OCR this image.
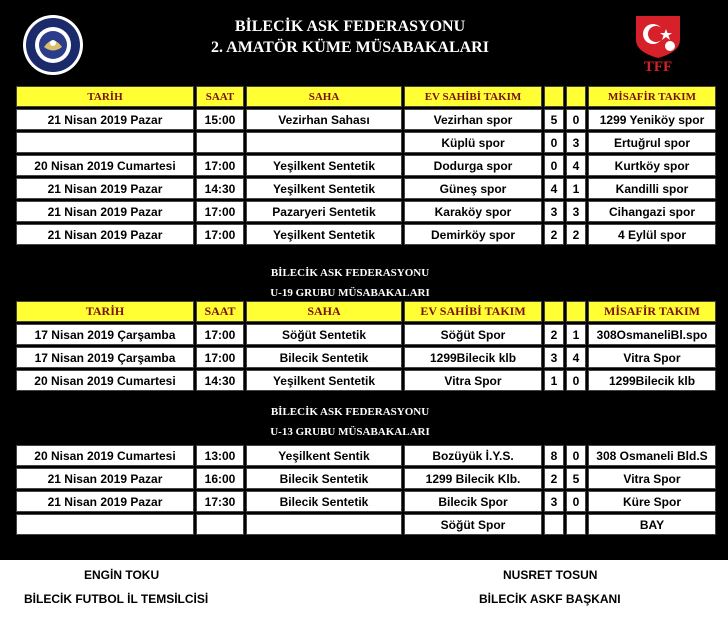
BİLECİK ASK FEDERASYONU
2. AMATÖR KÜME MÜSABAKALARI
TFF
TARİH	SAAT	SAHA	EV SAHİBİ TAKIM			MİSAFİR TAKIM
21 Nisan 2019 Pazar	15:00	Vezirhan Sahası	Vezirhan spor	5	0	1299 Yeniköy spor
			Küplü spor	0	3	Ertuğrul spor
20 Nisan 2019 Cumartesi	17:00	Yeşilkent Sentetik	Dodurga spor	0	4	Kurtköy spor
21 Nisan 2019 Pazar	14:30	Yeşilkent Sentetik	Güneş spor	4	1	Kandilli spor
21 Nisan 2019 Pazar	17:00	Pazaryeri Sentetik	Karaköy spor	3	3	Cihangazi spor
21 Nisan 2019 Pazar	17:00	Yeşilkent Sentetik	Demirköy spor	2	2	4 Eylül spor
BİLECİK ASK FEDERASYONU
U-19 GRUBU MÜSABAKALARI
TARİH	SAAT	SAHA	EV SAHİBİ TAKIM			MİSAFİR TAKIM
17 Nisan 2019 Çarşamba	17:00	Söğüt Sentetik	Söğüt Spor	2	1	308OsmaneliBl.spo
17 Nisan 2019 Çarşamba	17:00	Bilecik Sentetik	1299Bilecik klb	3	4	Vitra Spor
20 Nisan 2019 Cumartesi	14:30	Yeşilkent Sentetik	Vitra Spor	1	0	1299Bilecik klb
BİLECİK ASK FEDERASYONU
U-13 GRUBU MÜSABAKALARI
20 Nisan 2019 Cumartesi	13:00	Yeşilkent Sentik	Bozüyük İ.Y.S.	8	0	308 Osmaneli Bld.S
21 Nisan 2019 Pazar	16:00	Bilecik Sentetik	1299 Bilecik Klb.	2	5	Vitra Spor
21 Nisan 2019 Pazar	17:30	Bilecik Sentetik	Bilecik Spor	3	0	Küre Spor
			Söğüt Spor			BAY
ENGİN TOKU
BİLECİK FUTBOL İL TEMSİLCİSİ
NUSRET TOSUN
BİLECİK ASKF BAŞKANI
